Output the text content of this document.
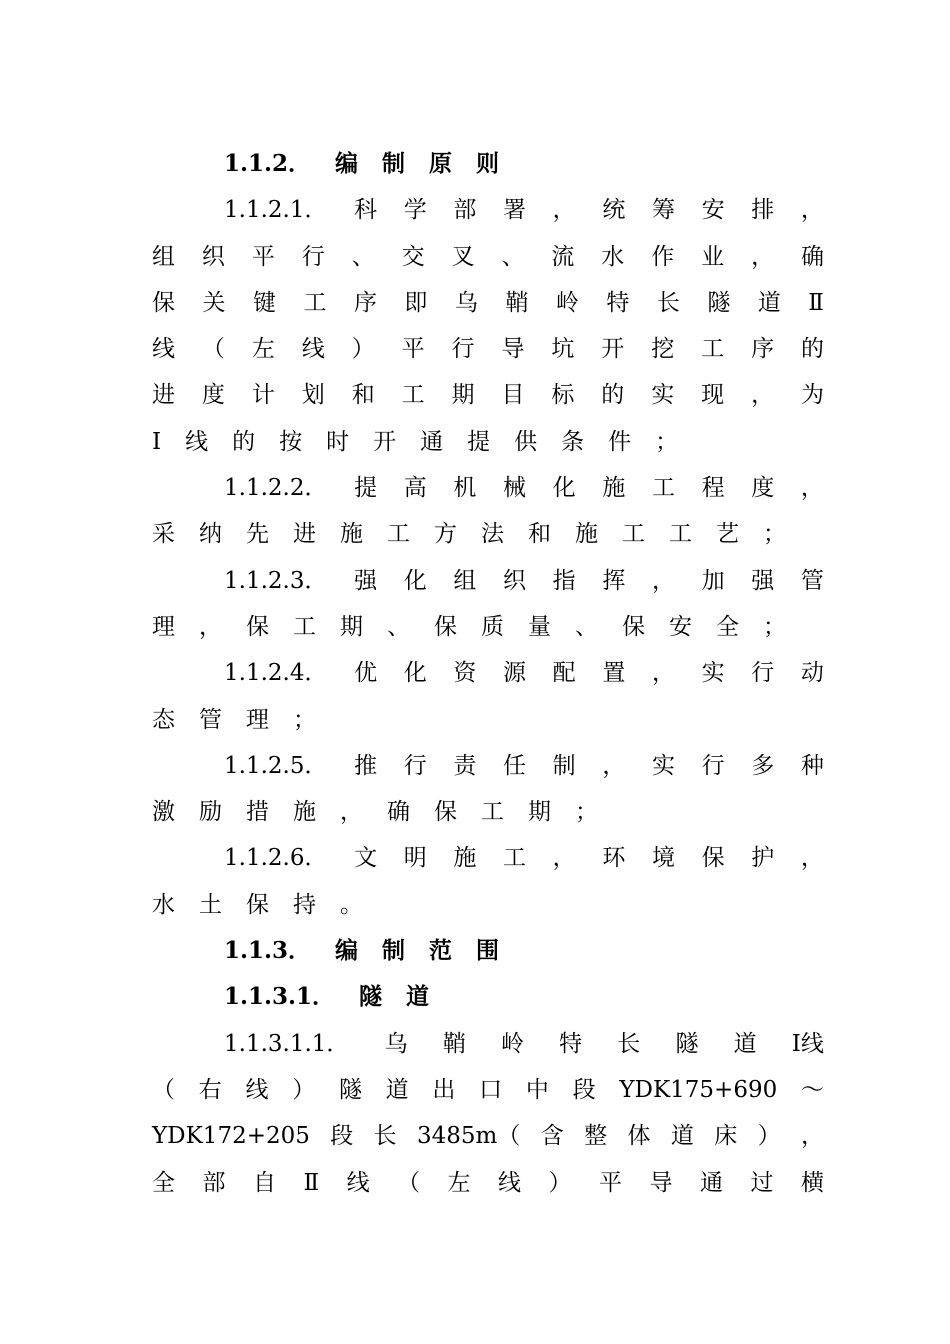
1.1.2． 编 制 原 则
1.1.2.1． 科 学 部 署 ， 统 筹 安 排 ，
组 织 平 行 、 交 叉 、 流 水 作 业 ， 确
保 关 键 工 序 即 乌 鞘 岭 特 长 隧 道 Ⅱ
线 （ 左 线 ） 平 行 导 坑 开 挖 工 序 的
进 度 计 划 和 工 期 目 标 的 实 现 ， 为
Ⅰ 线 的 按 时 开 通 提 供 条 件 ；
1.1.2.2． 提 高 机 械 化 施 工 程 度 ，
采 纳 先 进 施 工 方 法 和 施 工 工 艺 ；
1.1.2.3． 强 化 组 织 指 挥 ， 加 强 管
理 ， 保 工 期 、 保 质 量 、 保 安 全 ；
1.1.2.4． 优 化 资 源 配 置 ， 实 行 动
态 管 理 ；
1.1.2.5． 推 行 责 任 制 ， 实 行 多 种
激 励 措 施 ， 确 保 工 期 ；
1.1.2.6． 文 明 施 工 ， 环 境 保 护 ，
水 土 保 持 。
1.1.3． 编 制 范 围
1.1.3.1． 隧 道
1.1.3.1.1． 乌 鞘 岭 特 长 隧 道 Ⅰ线
（ 右 线 ） 隧 道 出 口 中 段 YDK175+690 ～
YDK172+205 段 长 3485m（ 含 整 体 道 床 ） ，
全 部 自 Ⅱ 线 （ 左 线 ） 平 导 通 过 横
